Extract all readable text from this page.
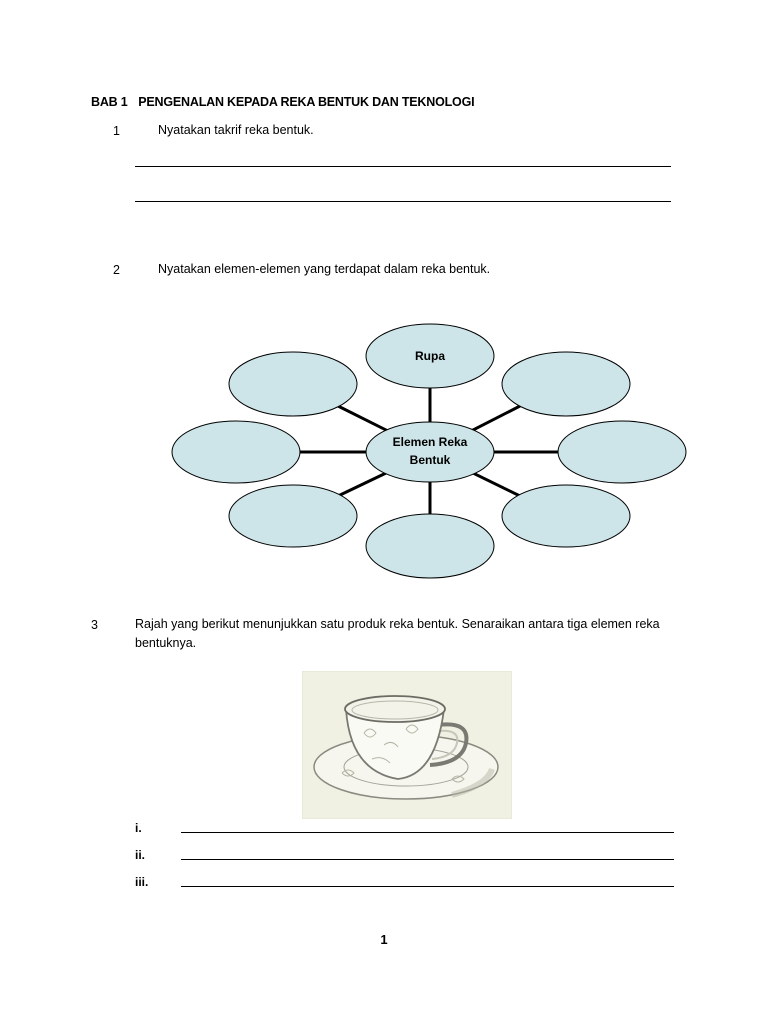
BAB 1 PENGENALAN KEPADA REKA BENTUK DAN TEKNOLOGI
1	Nyatakan takrif reka bentuk.
2	Nyatakan elemen-elemen yang terdapat dalam reka bentuk.
Rupa
Elemen Reka
Bentuk
3	Rajah yang berikut menunjukkan satu produk reka bentuk. Senaraikan antara tiga elemen reka bentuknya.
i.
ii.
iii.
1
